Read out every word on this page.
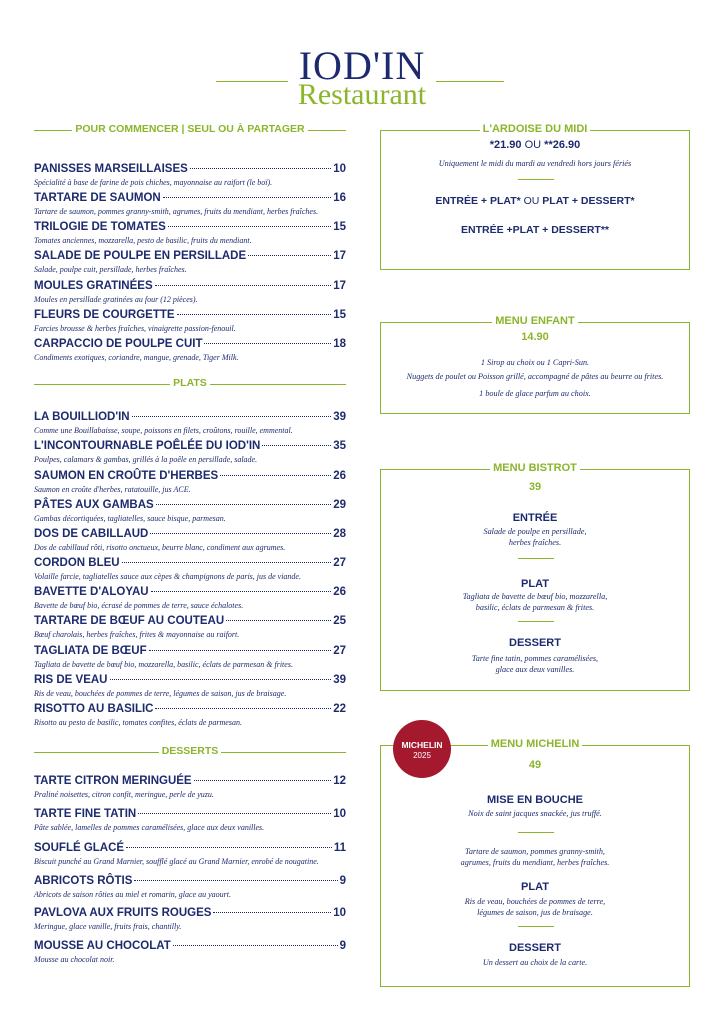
IOD'IN
Restaurant
POUR COMMENCER | SEUL OU À PARTAGER
PANISSES MARSEILLAISES	10
Spécialité à base de farine de pois chiches, mayonnaise au raifort (le boï).
TARTARE DE SAUMON	16
Tartare de saumon, pommes granny-smith, agrumes, fruits du mendiant, herbes fraîches.
TRILOGIE DE TOMATES	15
Tomates anciennes, mozzarella, pesto de basilic, fruits du mendiant.
SALADE DE POULPE EN PERSILLADE	17
Salade, poulpe cuit, persillade, herbes fraîches.
MOULES GRATINÉES	17
Moules en persillade gratinées au four (12 pièces).
FLEURS DE COURGETTE	15
Farcies brousse & herbes fraîches, vinaigrette passion-fenouil.
CARPACCIO DE POULPE CUIT	18
Condiments exotiques, coriandre, mangue, grenade, Tiger Milk.
PLATS
LA BOUILLIOD'IN	39
Comme une Bouillabaisse, soupe, poissons en filets, croûtons, rouille, emmental.
L'INCONTOURNABLE POÊLÉE DU IOD'IN	35
Poulpes, calamars & gambas, grillés à la poêle en persillade, salade.
SAUMON EN CROÛTE D'HERBES	26
Saumon en croûte d'herbes, ratatouille, jus ACE.
PÂTES AUX GAMBAS	29
Gambas décortiquées, tagliatelles, sauce bisque, parmesan.
DOS DE CABILLAUD	28
Dos de cabillaud rôti, risotto onctueux, beurre blanc, condiment aux agrumes.
CORDON BLEU	27
Volaille farcie, tagliatelles sauce aux cèpes & champignons de paris, jus de viande.
BAVETTE D'ALOYAU	26
Bavette de bœuf bio, écrasé de pommes de terre, sauce échalotes.
TARTARE DE BŒUF AU COUTEAU	25
Bœuf charolais, herbes fraîches, frites & mayonnaise au raifort.
TAGLIATA DE BŒUF	27
Tagliata de bavette de bœuf bio, mozzarella, basilic, éclats de parmesan & frites.
RIS DE VEAU	39
Ris de veau, bouchées de pommes de terre, légumes de saison, jus de braisage.
RISOTTO AU BASILIC	22
Risotto au pesto de basilic, tomates confites, éclats de parmesan.
DESSERTS
TARTE CITRON MERINGUÉE	12
Praliné noisettes, citron confit, meringue, perle de yuzu.
TARTE FINE TATIN	10
Pâte sablée, lamelles de pommes caramélisées, glace aux deux vanilles.
SOUFLÉ GLACÉ	11
Biscuit punché au Grand Marnier, soufflé glacé au Grand Marnier, enrobé de nougatine.
ABRICOTS RÔTIS	9
Abricots de saison rôties au miel et romarin, glace au yaourt.
PAVLOVA AUX FRUITS ROUGES	10
Meringue, glace vanille, fruits frais, chantilly.
MOUSSE AU CHOCOLAT	9
Mousse au chocolat noir.
L'ARDOISE DU MIDI
*21.90 OU **26.90
Uniquement le midi du mardi au vendredi hors jours fériés
ENTRÉE + PLAT* OU PLAT + DESSERT*
ENTRÉE +PLAT + DESSERT**
MENU ENFANT
14.90
1 Sirop au choix ou 1 Capri-Sun.
Nuggets de poulet ou Poisson grillé, accompagné de pâtes au beurre ou frites.
1 boule de glace parfum au choix.
MENU BISTROT
39
ENTRÉE
Salade de poulpe en persillade,
herbes fraîches.
PLAT
Tagliata de bavette de bœuf bio, mozzarella,
basilic, éclats de parmesan & frites.
DESSERT
Tarte fine tatin, pommes caramélisées,
glace aux deux vanilles.
MENU MICHELIN
49
MISE EN BOUCHE
Noix de saint jacques snackée, jus truffé.
Tartare de saumon, pommes granny-smith,
agrumes, fruits du mendiant, herbes fraîches.
PLAT
Ris de veau, bouchées de pommes de terre,
légumes de saison, jus de braisage.
DESSERT
Un dessert au choix de la carte.
MICHELIN
2025
